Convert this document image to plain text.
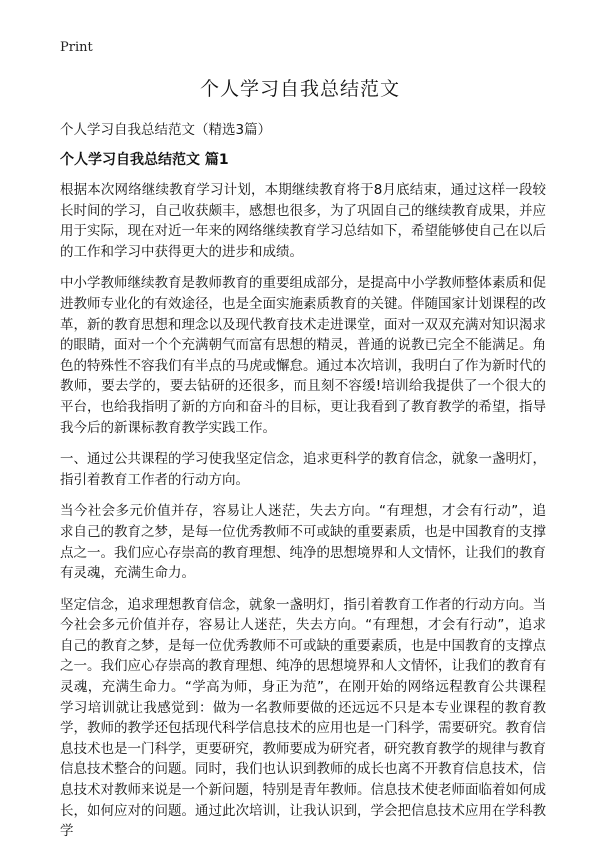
Print
个人学习自我总结范文
个人学习自我总结范文（精选3篇）
个人学习自我总结范文 篇1

根据本次网络继续教育学习计划，本期继续教育将于8月底结束，通过这样一段较长时间的学习，自己收获颇丰，感想也很多，为了巩固自己的继续教育成果，并应用于实际，现在对近一年来的网络继续教育学习总结如下，希望能够使自己在以后的工作和学习中获得更大的进步和成绩。

中小学教师继续教育是教师教育的重要组成部分，是提高中小学教师整体素质和促进教师专业化的有效途径，也是全面实施素质教育的关键。伴随国家计划课程的改革，新的教育思想和理念以及现代教育技术走进课堂，面对一双双充满对知识渴求的眼睛，面对一个个充满朝气而富有思想的精灵，普通的说教已完全不能满足。角色的特殊性不容我们有半点的马虎或懈怠。通过本次培训，我明白了作为新时代的教师，要去学的，要去钻研的还很多，而且刻不容缓!培训给我提供了一个很大的平台，也给我指明了新的方向和奋斗的目标，更让我看到了教育教学的希望，指导我今后的新课标教育教学实践工作。

一、通过公共课程的学习使我坚定信念，追求更科学的教育信念，就象一盏明灯，指引着教育工作者的行动方向。

当今社会多元价值并存，容易让人迷茫，失去方向。“有理想，才会有行动”，追求自己的教育之梦，是每一位优秀教师不可或缺的重要素质，也是中国教育的支撑点之一。我们应心存崇高的教育理想、纯净的思想境界和人文情怀，让我们的教育有灵魂，充满生命力。

坚定信念，追求理想教育信念，就象一盏明灯，指引着教育工作者的行动方向。当今社会多元价值并存，容易让人迷茫，失去方向。“有理想，才会有行动”，追求自己的教育之梦，是每一位优秀教师不可或缺的重要素质，也是中国教育的支撑点之一。我们应心存崇高的教育理想、纯净的思想境界和人文情怀，让我们的教育有灵魂，充满生命力。“学高为师，身正为范”，在刚开始的网络远程教育公共课程学习培训就让我感觉到：做为一名教师要做的还远远不只是本专业课程的教育教学，教师的教学还包括现代科学信息技术的应用也是一门科学，需要研究。教育信息技术也是一门科学，更要研究，教师要成为研究者，研究教育教学的规律与教育信息技术整合的问题。同时，我们也认识到教师的成长也离不开教育信息技术，信息技术对教师来说是一个新问题，特别是青年教师。信息技术使老师面临着如何成长，如何应对的问题。通过此次培训，让我认识到，学会把信息技术应用在学科教学
